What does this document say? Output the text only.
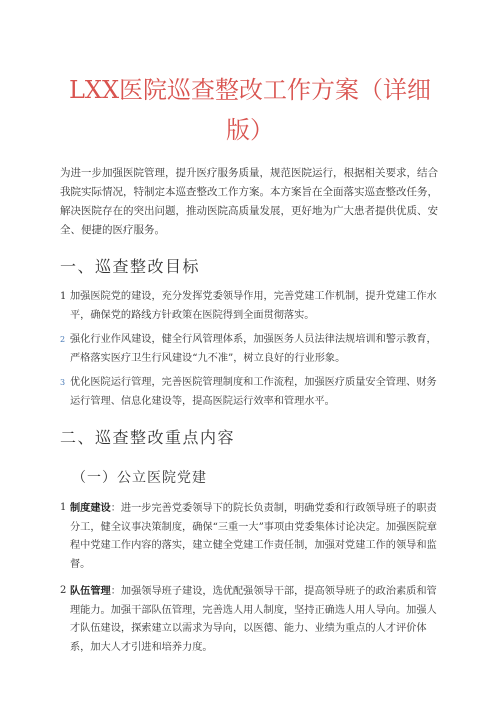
LXX医院巡查整改工作方案（详细版）

为进一步加强医院管理，提升医疗服务质量，规范医院运行，根据相关要求，结合我院实际情况，特制定本巡查整改工作方案。本方案旨在全面落实巡查整改任务，解决医院存在的突出问题，推动医院高质量发展，更好地为广大患者提供优质、安全、便捷的医疗服务。

一、巡查整改目标
1 加强医院党的建设，充分发挥党委领导作用，完善党建工作机制，提升党建工作水平，确保党的路线方针政策在医院得到全面贯彻落实。
2 强化行业作风建设，健全行风管理体系，加强医务人员法律法规培训和警示教育，严格落实医疗卫生行风建设“九不准”，树立良好的行业形象。
3 优化医院运行管理，完善医院管理制度和工作流程，加强医疗质量安全管理、财务运行管理、信息化建设等，提高医院运行效率和管理水平。
二、巡查整改重点内容
（一）公立医院党建
1 制度建设：进一步完善党委领导下的院长负责制，明确党委和行政领导班子的职责分工，健全议事决策制度，确保“三重一大”事项由党委集体讨论决定。加强医院章程中党建工作内容的落实，建立健全党建工作责任制，加强对党建工作的领导和监督。
2 队伍管理：加强领导班子建设，选优配强领导干部，提高领导班子的政治素质和管理能力。加强干部队伍管理，完善选人用人制度，坚持正确选人用人导向。加强人才队伍建设，探索建立以需求为导向，以医德、能力、业绩为重点的人才评价体系，加大人才引进和培养力度。
